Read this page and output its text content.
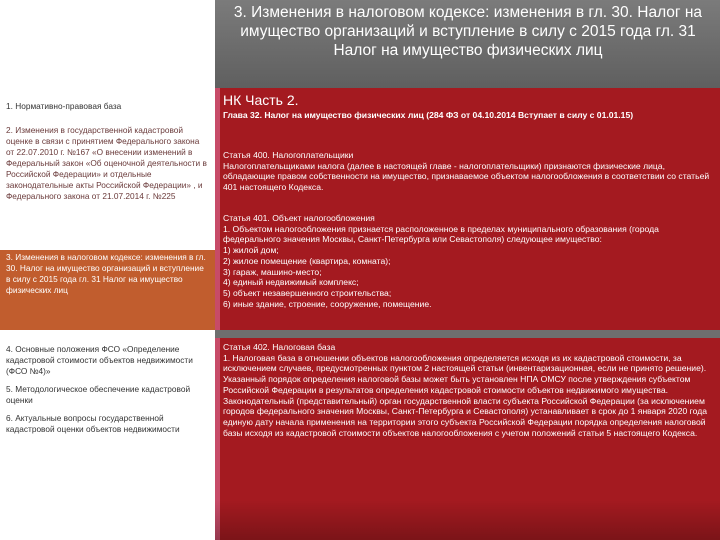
3. Изменения в налоговом кодексе: изменения в гл. 30. Налог на имущество организаций и вступление в силу с 2015 года гл. 31 Налог на имущество физических лиц
1. Нормативно-правовая база
2. Изменения в государственной кадастровой оценке в связи с принятием Федерального закона от 22.07.2010 г. №167 «О внесении изменений в Федеральный закон «Об оценочной деятельности в Российской Федерации» и отдельные законодательные акты Российской Федерации» , и Федерального закона от 21.07.2014 г. №225
3. Изменения в налоговом кодексе: изменения в гл. 30. Налог на имущество организаций и вступление в силу с 2015 года гл. 31 Налог на имущество физических лиц

4. Основные положения ФСО «Определение кадастровой стоимости объектов недвижимости (ФСО №4)»

5. Методологическое обеспечение кадастровой оценки

6. Актуальные вопросы государственной кадастровой оценки объектов недвижимости

НК Часть 2.
Глава 32. Налог на имущество физических лиц (284 ФЗ от 04.10.2014 Вступает в силу с 01.01.15)
Статья 400. Налогоплательщики
Налогоплательщиками налога (далее в настоящей главе - налогоплательщики) признаются физические лица, обладающие правом собственности на имущество, признаваемое объектом налогообложения в соответствии со статьей 401 настоящего Кодекса.
Статья 401. Объект налогообложения
1. Объектом налогообложения признается расположенное в пределах муниципального образования (города федерального значения Москвы, Санкт-Петербурга или Севастополя) следующее имущество:
1) жилой дом;
2) жилое помещение (квартира, комната);
3) гараж, машино-место;
4) единый недвижимый комплекс;
5) объект незавершенного строительства;
6) иные здание, строение, сооружение, помещение.
Статья 402. Налоговая база
1. Налоговая база в отношении объектов налогообложения определяется исходя из их кадастровой стоимости, за исключением случаев, предусмотренных пунктом 2 настоящей статьи (инвентаризационная, если не принято решение).
Указанный порядок определения налоговой базы может быть установлен НПА ОМСУ после утверждения субъектом Российской Федерации в результатов определения кадастровой стоимости объектов недвижимого имущества.
Законодательный (представительный) орган государственной власти субъекта Российской Федерации (за исключением городов федерального значения Москвы, Санкт-Петербурга и Севастополя) устанавливает в срок до 1 января 2020 года единую дату начала применения на территории этого субъекта Российской Федерации порядка определения налоговой базы исходя из кадастровой стоимости объектов налогообложения с учетом положений статьи 5 настоящего Кодекса.
